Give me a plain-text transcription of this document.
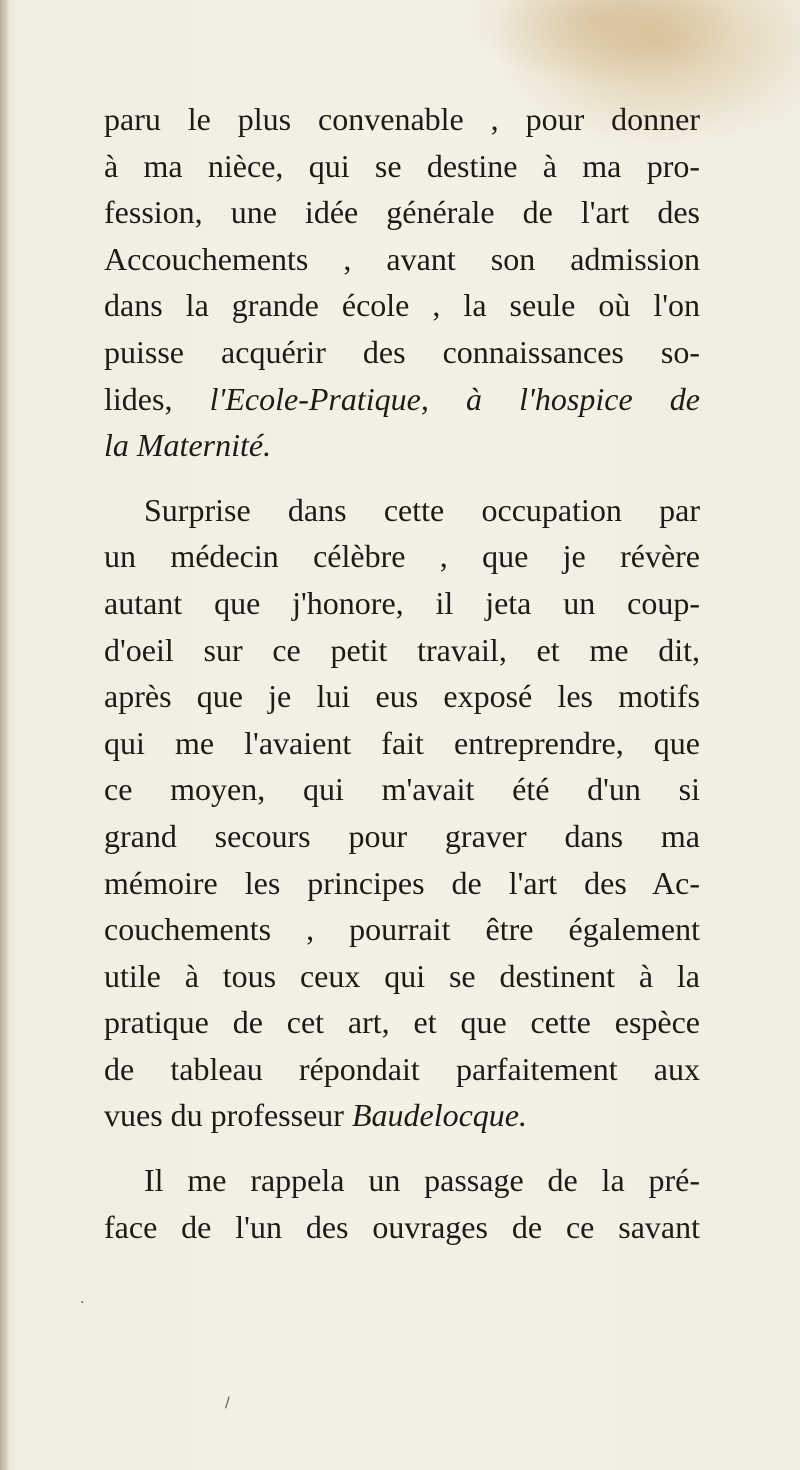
paru le plus convenable , pour donner
à ma nièce, qui se destine à ma pro-
fession, une idée générale de l'art des
Accouchements , avant son admission
dans la grande école , la seule où l'on
puisse acquérir des connaissances so-
lides, l'Ecole-Pratique, à l'hospice de
la Maternité.
Surprise dans cette occupation par
un médecin célèbre , que je révère
autant que j'honore, il jeta un coup-
d'oeil sur ce petit travail, et me dit,
après que je lui eus exposé les motifs
qui me l'avaient fait entreprendre, que
ce moyen, qui m'avait été d'un si
grand secours pour graver dans ma
mémoire les principes de l'art des Ac-
couchements , pourrait être également
utile à tous ceux qui se destinent à la
pratique de cet art, et que cette espèce
de tableau répondait parfaitement aux
vues du professeur Baudelocque.
Il me rappela un passage de la pré-
face de l'un des ouvrages de ce savant
/
·
